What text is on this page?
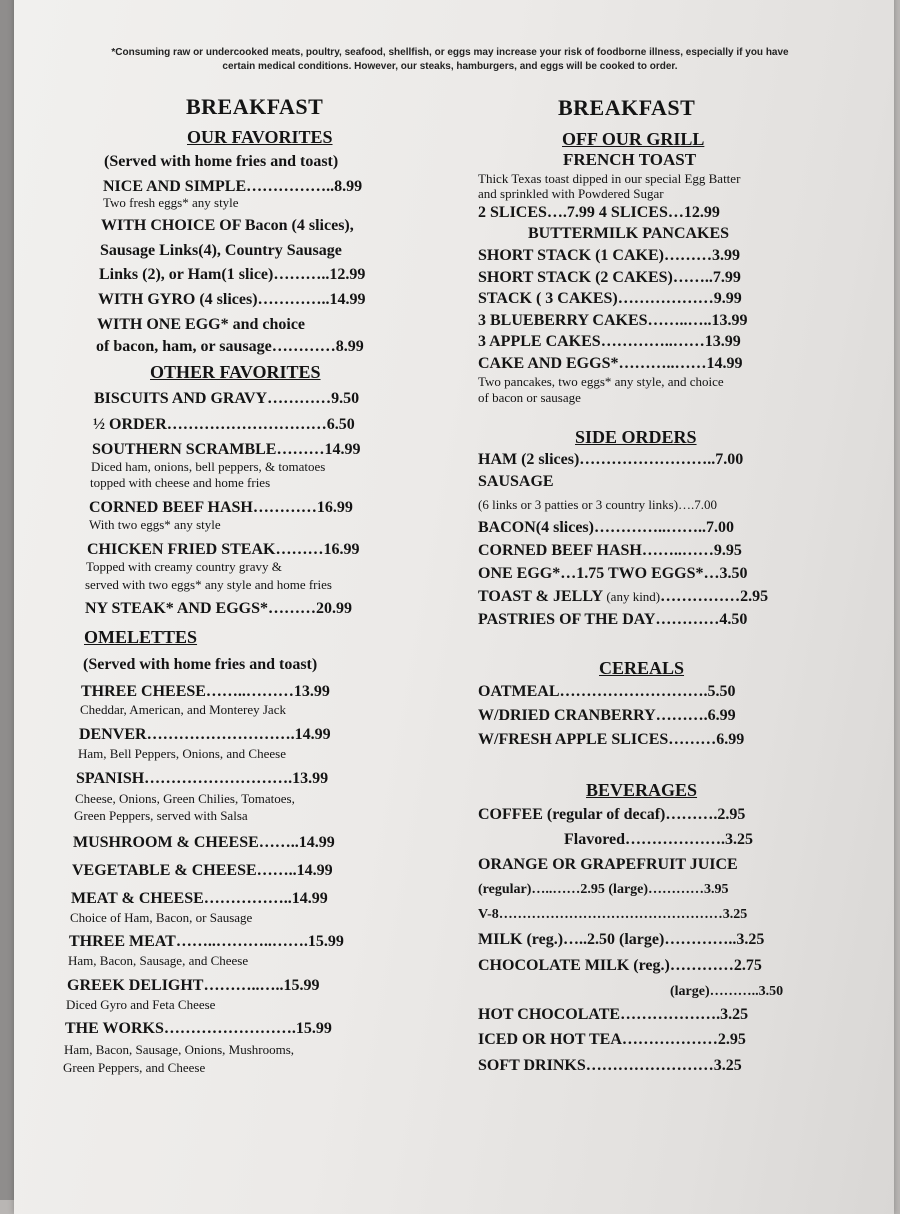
*Consuming raw or undercooked meats, poultry, seafood, shellfish, or eggs may increase your risk of foodborne illness, especially if you have certain medical conditions. However, our steaks, hamburgers, and eggs will be cooked to order.
BREAKFAST
OUR FAVORITES
(Served with home fries and toast)
NICE AND SIMPLE……………..8.99
Two fresh eggs* any style
WITH CHOICE OF Bacon (4 slices),
Sausage Links(4), Country Sausage
Links (2), or Ham(1 slice)………..12.99
WITH GYRO (4 slices)…………..14.99
WITH ONE EGG* and choice
of bacon, ham, or sausage…………8.99
OTHER FAVORITES
BISCUITS AND GRAVY…………9.50
½ ORDER…………………………6.50
SOUTHERN SCRAMBLE………14.99
Diced ham, onions, bell peppers, & tomatoes
topped with cheese and home fries
CORNED BEEF HASH…………16.99
With two eggs* any style
CHICKEN FRIED STEAK………16.99
Topped with creamy country gravy &
served with two eggs* any style and home fries
NY STEAK* AND EGGS*………20.99
OMELETTES
(Served with home fries and toast)
THREE CHEESE……..………13.99
Cheddar, American, and Monterey Jack
DENVER……………………….14.99
Ham, Bell Peppers, Onions, and Cheese
SPANISH……………………….13.99
Cheese, Onions, Green Chilies, Tomatoes,
Green Peppers, served with Salsa
MUSHROOM & CHEESE……..14.99
VEGETABLE & CHEESE……..14.99
MEAT & CHEESE……………..14.99
Choice of Ham, Bacon, or Sausage
THREE MEAT……..………..…….15.99
Ham, Bacon, Sausage, and Cheese
GREEK DELIGHT………..…..15.99
Diced Gyro and Feta Cheese
THE WORKS…………………….15.99
Ham, Bacon, Sausage, Onions, Mushrooms,
Green Peppers, and Cheese
BREAKFAST
OFF OUR GRILL
FRENCH TOAST
Thick Texas toast dipped in our special Egg Batter
and sprinkled with Powdered Sugar
2 SLICES….7.99 4 SLICES…12.99
BUTTERMILK PANCAKES
SHORT STACK (1 CAKE)………3.99
SHORT STACK (2 CAKES)……..7.99
STACK ( 3 CAKES)………………9.99
3 BLUEBERRY CAKES……..…..13.99
3 APPLE CAKES…………..……13.99
CAKE AND EGGS*………..……14.99
Two pancakes, two eggs* any style, and choice
of bacon or sausage
SIDE ORDERS
HAM (2 slices)……………………..7.00
SAUSAGE
(6 links or 3 patties or 3 country links)….7.00
BACON(4 slices)…………..……..7.00
CORNED BEEF HASH……..……9.95
ONE EGG*…1.75 TWO EGGS*…3.50
TOAST & JELLY (any kind)……………2.95
PASTRIES OF THE DAY…………4.50
CEREALS
OATMEAL……………………….5.50
W/DRIED CRANBERRY……….6.99
W/FRESH APPLE SLICES………6.99
BEVERAGES
COFFEE (regular of decaf)……….2.95
Flavored……………….3.25
ORANGE OR GRAPEFRUIT JUICE
(regular)…..……2.95 (large)…………3.95
V-8…………………………………………3.25
MILK (reg.)…..2.50 (large)…………..3.25
CHOCOLATE MILK (reg.)…………2.75
(large)………..3.50
HOT CHOCOLATE……………….3.25
ICED OR HOT TEA………………2.95
SOFT DRINKS……………………3.25
